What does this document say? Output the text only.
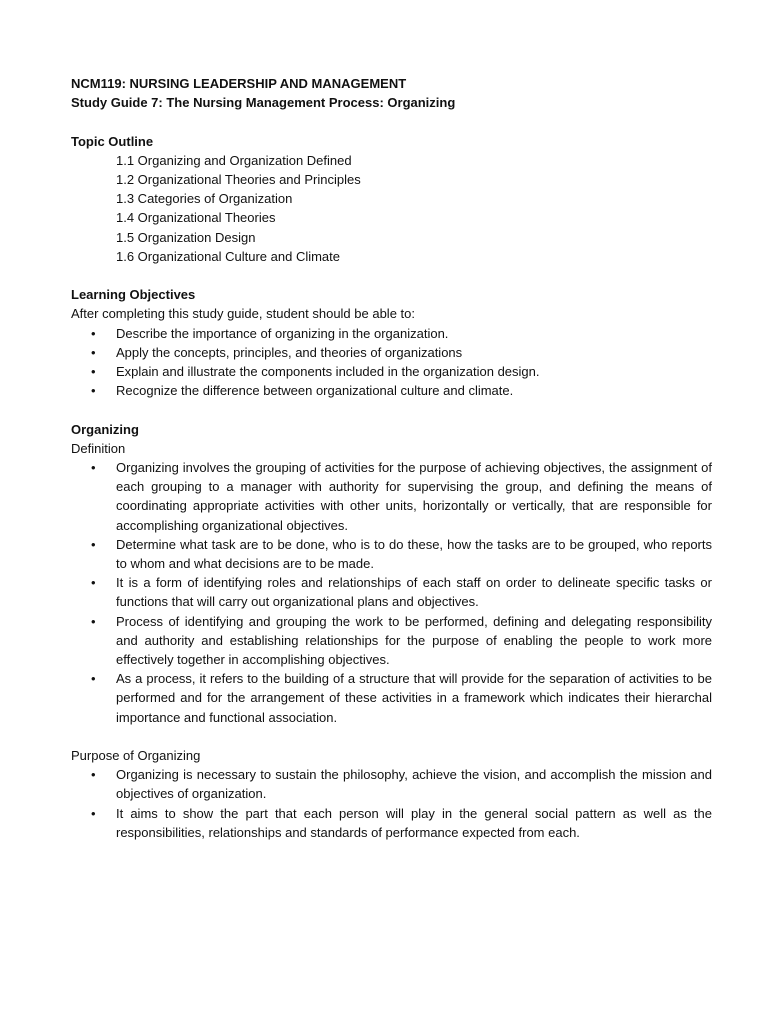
NCM119: NURSING LEADERSHIP AND MANAGEMENT

Study Guide 7: The Nursing Management Process: Organizing

Topic Outline

1.1 Organizing and Organization Defined
1.2 Organizational Theories and Principles
1.3 Categories of Organization
1.4 Organizational Theories
1.5 Organization Design
1.6 Organizational Culture and Climate

Learning Objectives

After completing this study guide, student should be able to:

• Describe the importance of organizing in the organization.
• Apply the concepts, principles, and theories of organizations
• Explain and illustrate the components included in the organization design.
• Recognize the difference between organizational culture and climate.

Organizing

Definition

• Organizing involves the grouping of activities for the purpose of achieving objectives, the assignment of each grouping to a manager with authority for supervising the group, and defining the means of coordinating appropriate activities with other units, horizontally or vertically, that are responsible for accomplishing organizational objectives.
• Determine what task are to be done, who is to do these, how the tasks are to be grouped, who reports to whom and what decisions are to be made.
• It is a form of identifying roles and relationships of each staff on order to delineate specific tasks or functions that will carry out organizational plans and objectives.
• Process of identifying and grouping the work to be performed, defining and delegating responsibility and authority and establishing relationships for the purpose of enabling the people to work more effectively together in accomplishing objectives.
• As a process, it refers to the building of a structure that will provide for the separation of activities to be performed and for the arrangement of these activities in a framework which indicates their hierarchal importance and functional association.

Purpose of Organizing

• Organizing is necessary to sustain the philosophy, achieve the vision, and accomplish the mission and objectives of organization.
• It aims to show the part that each person will play in the general social pattern as well as the responsibilities, relationships and standards of performance expected from each.
